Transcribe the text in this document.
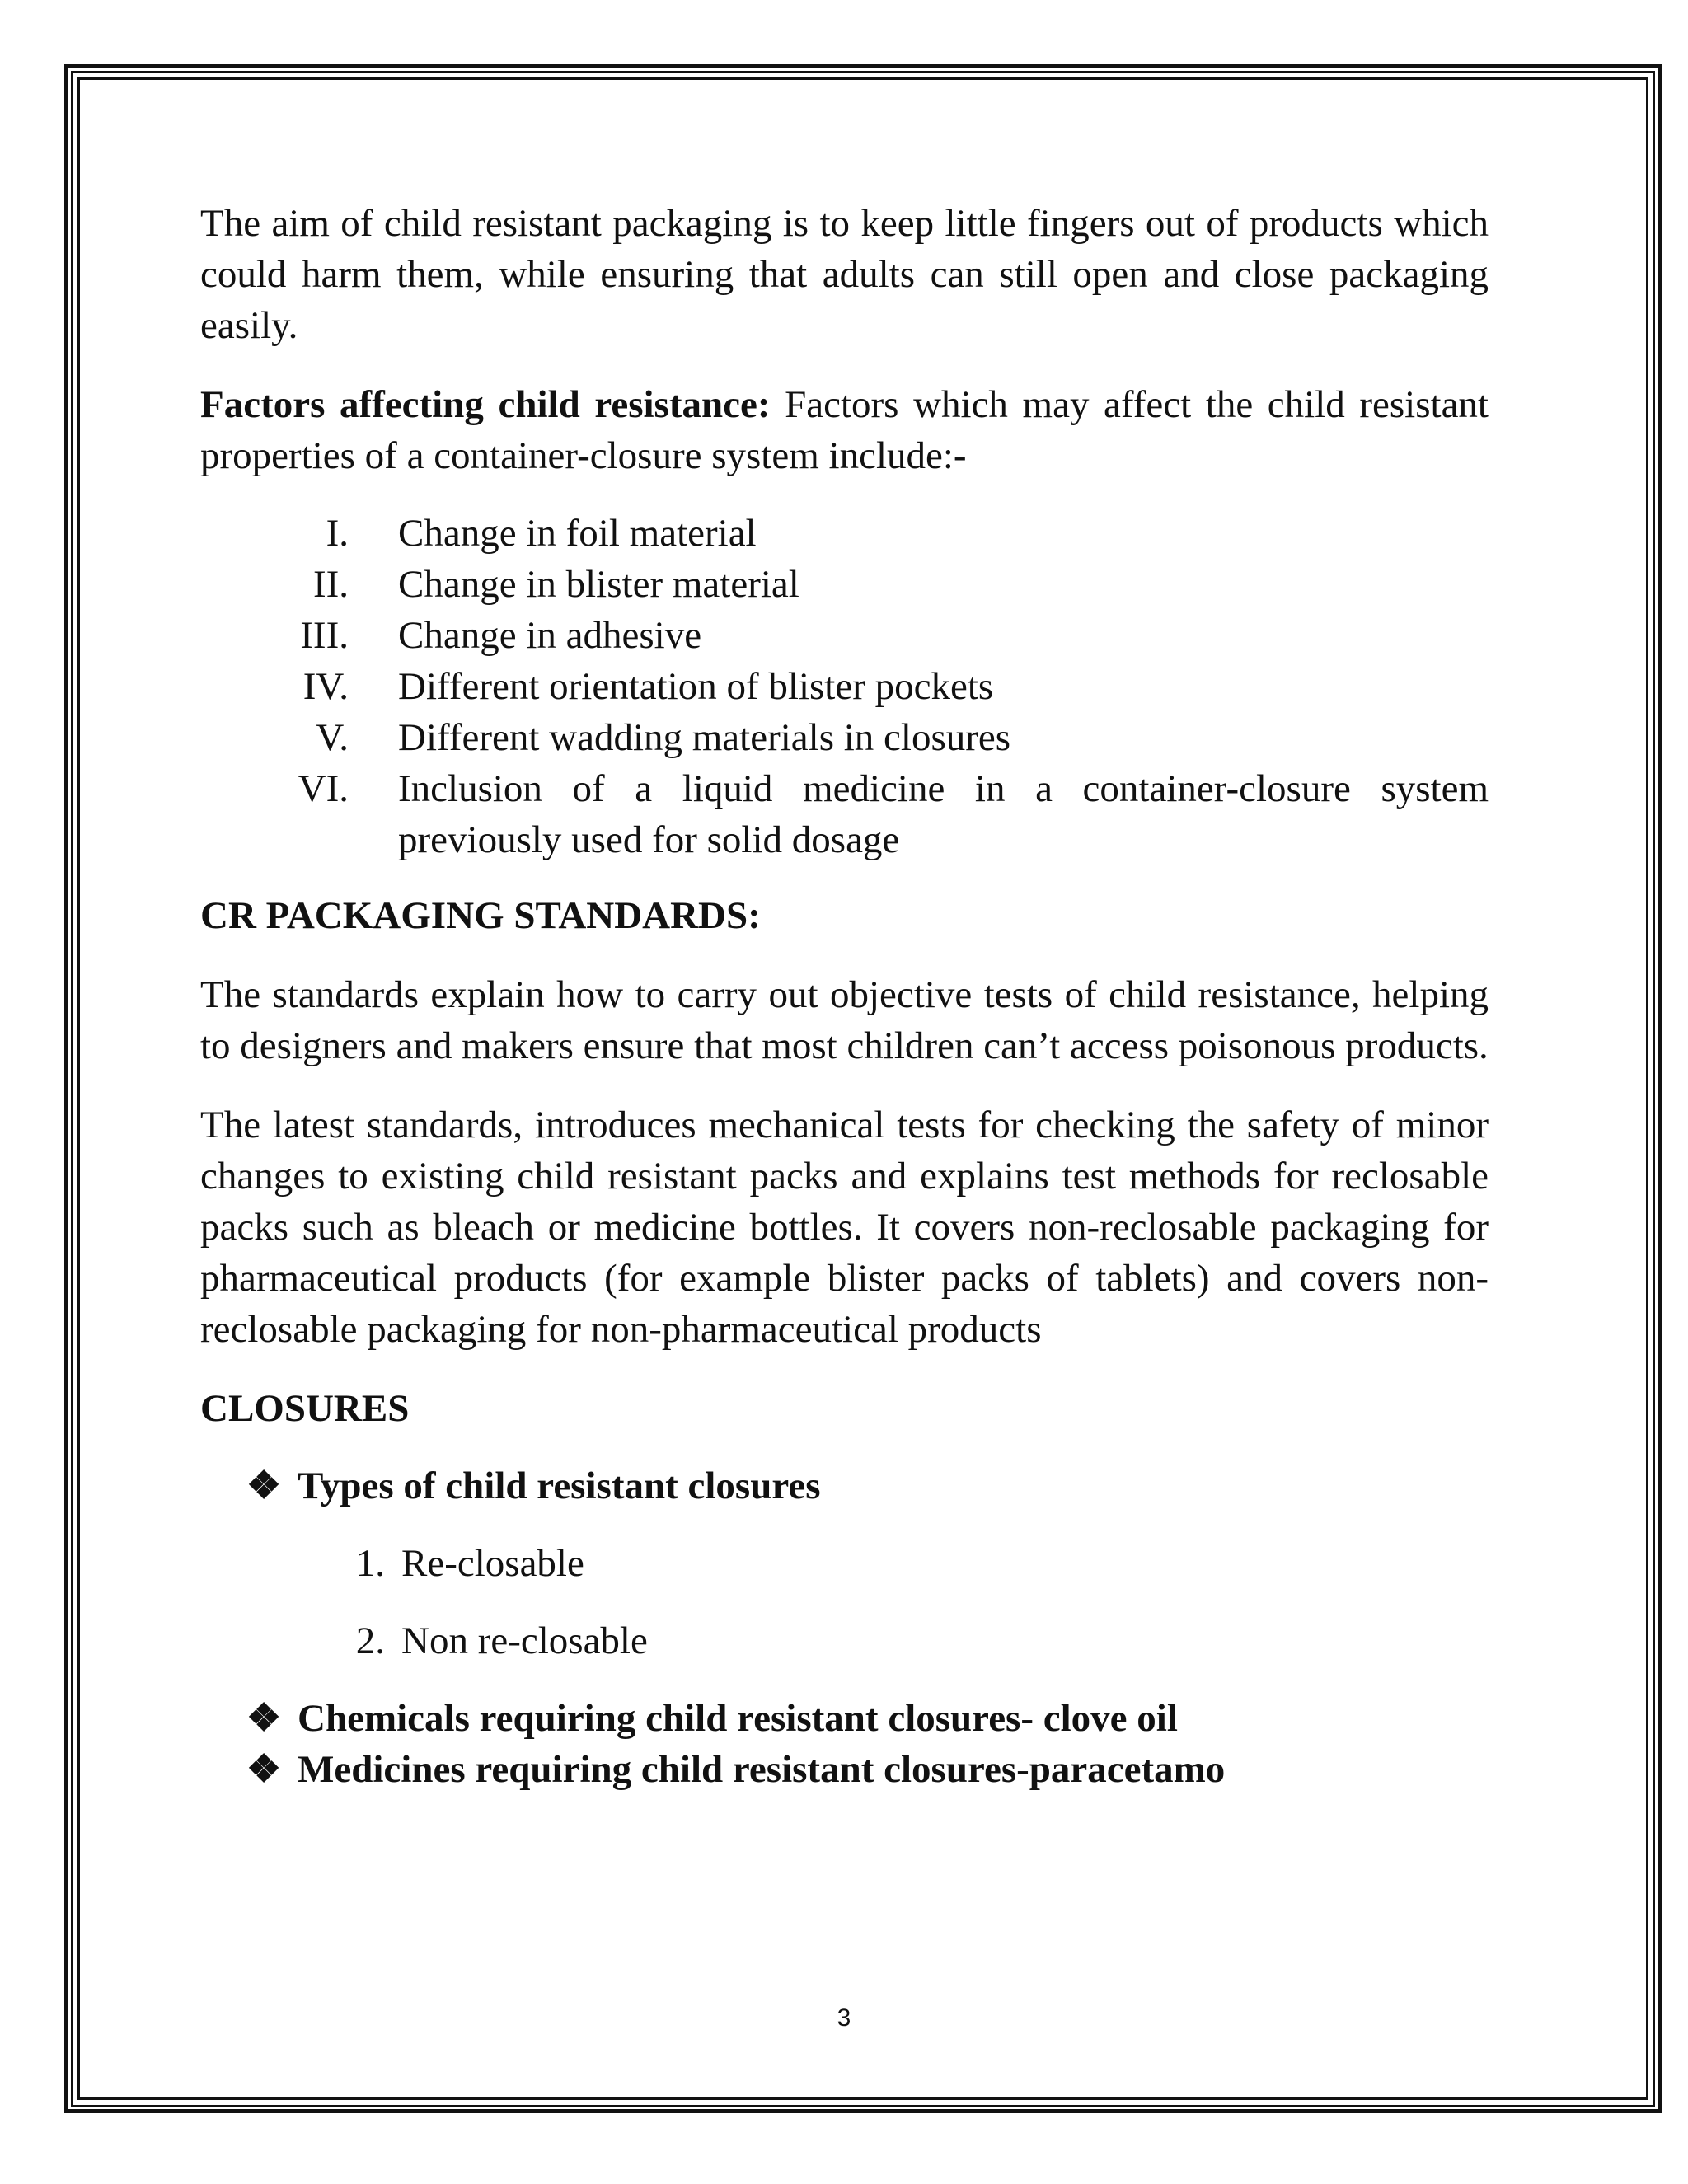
The aim of child resistant packaging is to keep little fingers out of products which could harm them, while ensuring that adults can still open and close packaging easily.

Factors affecting child resistance: Factors which may affect the child resistant properties of a container-closure system include:-

I.	Change in foil material
II.	Change in blister material
III.	Change in adhesive
IV.	Different orientation of blister pockets
V.	Different wadding materials in closures
VI.	Inclusion of a liquid medicine in a container-closure system previously used for solid dosage

CR PACKAGING STANDARDS:

The standards explain how to carry out objective tests of child resistance, helping to designers and makers ensure that most children can’t access poisonous products.

The latest standards, introduces mechanical tests for checking the safety of minor changes to existing child resistant packs and explains test methods for reclosable packs such as bleach or medicine bottles. It covers non-reclosable packaging for pharmaceutical products (for example blister packs of tablets) and covers non-reclosable packaging for non-pharmaceutical products

CLOSURES

❖ Types of child resistant closures
1. Re-closable
2. Non re-closable
❖ Chemicals requiring child resistant closures- clove oil
❖ Medicines requiring child resistant closures-paracetamo
3
